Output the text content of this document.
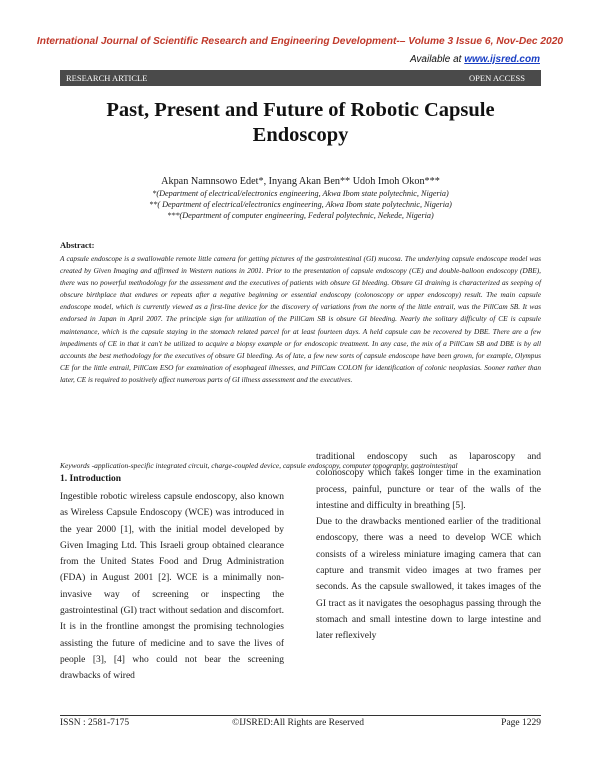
International Journal of Scientific Research and Engineering Development-– Volume 3 Issue 6, Nov-Dec 2020
Available at www.ijsred.com
RESEARCH ARTICLE	OPEN ACCESS
Past, Present and Future of Robotic Capsule Endoscopy
Akpan Namnsowo Edet*, Inyang Akan Ben** Udoh Imoh Okon***
*(Department of electrical/electronics engineering, Akwa Ibom state polytechnic, Nigeria)
**( Department of electrical/electronics engineering, Akwa Ibom state polytechnic, Nigeria)
***(Department of computer engineering, Federal polytechnic, Nekede, Nigeria)
Abstract:
A capsule endoscope is a swallowable remote little camera for getting pictures of the gastrointestinal (GI) mucosa. The underlying capsule endoscope model was created by Given Imaging and affirmed in Western nations in 2001. Prior to the presentation of capsule endoscopy (CE) and double-balloon endoscopy (DBE), there was no powerful methodology for the assessment and the executives of patients with obsure GI bleeding. Obsure GI draining is characterized as seeping of obscure birthplace that endures or repeats after a negative beginning or essential endoscopy (colonoscopy or upper endoscopy) result. The main capsule endoscope model, which is currently viewed as a first-line device for the discovery of variations from the norm of the little entrail, was the PillCam SB. It was endorsed in Japan in April 2007. The principle sign for utilization of the PillCam SB is obsure GI bleeding. Nearly the solitary difficulty of CE is capsule maintenance, which is the capsule staying in the stomach related parcel for at least fourteen days. A held capsule can be recovered by DBE. There are a few impediments of CE in that it can't be utilized to acquire a biopsy example or for endoscopic treatment. In any case, the mix of a PillCam SB and DBE is by all accounts the best methodology for the executives of obsure GI bleeding. As of late, a few new sorts of capsule endoscope have been grown, for example, Olympus CE for the little entrail, PillCam ESO for examination of esophageal illnesses, and PillCam COLON for identification of colonic neoplasias. Sooner rather than later, CE is required to positively affect numerous parts of GI illness assessment and the executives.
Keywords -application-specific integrated circuit, charge-coupled device, capsule endoscopy, computer topography, gastrointestinal
1. Introduction
Ingestible robotic wireless capsule endoscopy, also known as Wireless Capsule Endoscopy (WCE) was introduced in the year 2000 [1], with the initial model developed by Given Imaging Ltd. This Israeli group obtained clearance from the United States Food and Drug Administration (FDA) in August 2001 [2]. WCE is a minimally non-invasive way of screening or inspecting the gastrointestinal (GI) tract without sedation and discomfort. It is in the frontline amongst the promising technologies assisting the future of medicine and to save the lives of people [3], [4] who could not bear the screening drawbacks of wired
traditional endoscopy such as laparoscopy and colonoscopy which takes longer time in the examination process, painful, puncture or tear of the walls of the intestine and difficulty in breathing [5].
Due to the drawbacks mentioned earlier of the traditional endoscopy, there was a need to develop WCE which consists of a wireless miniature imaging camera that can capture and transmit video images at two frames per seconds. As the capsule swallowed, it takes images of the GI tract as it navigates the oesophagus passing through the stomach and small intestine down to large intestine and later reflexively
ISSN : 2581-7175	©IJSRED:All Rights are Reserved	Page 1229
